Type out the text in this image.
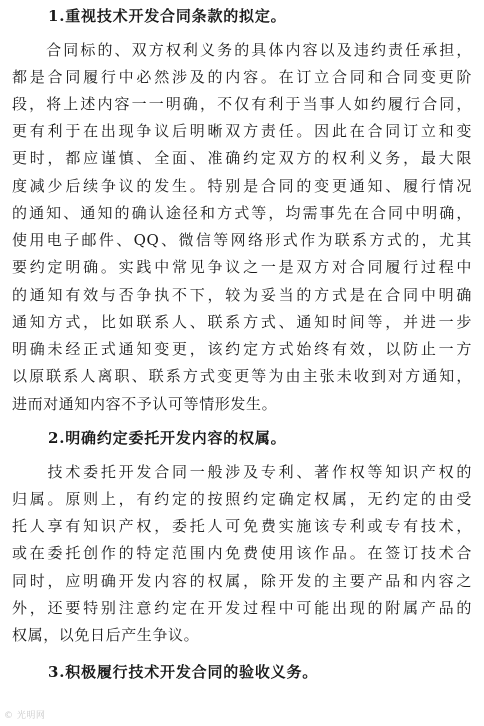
1.重视技术开发合同条款的拟定。
　　合同标的、双方权利义务的具体内容以及违约责任承担，
都是合同履行中必然涉及的内容。在订立合同和合同变更阶
段，将上述内容一一明确，不仅有利于当事人如约履行合同，
更有利于在出现争议后明晰双方责任。因此在合同订立和变
更时，都应谨慎、全面、准确约定双方的权利义务，最大限
度减少后续争议的发生。特别是合同的变更通知、履行情况
的通知、通知的确认途径和方式等，均需事先在合同中明确，
使用电子邮件、QQ、微信等网络形式作为联系方式的，尤其
要约定明确。实践中常见争议之一是双方对合同履行过程中
的通知有效与否争执不下，较为妥当的方式是在合同中明确
通知方式，比如联系人、联系方式、通知时间等，并进一步
明确未经正式通知变更，该约定方式始终有效，以防止一方
以原联系人离职、联系方式变更等为由主张未收到对方通知，
进而对通知内容不予认可等情形发生。
2.明确约定委托开发内容的权属。
　　技术委托开发合同一般涉及专利、著作权等知识产权的
归属。原则上，有约定的按照约定确定权属，无约定的由受
托人享有知识产权，委托人可免费实施该专利或专有技术，
或在委托创作的特定范围内免费使用该作品。在签订技术合
同时，应明确开发内容的权属，除开发的主要产品和内容之
外，还要特别注意约定在开发过程中可能出现的附属产品的
权属，以免日后产生争议。
3.积极履行技术开发合同的验收义务。
© 光明网
